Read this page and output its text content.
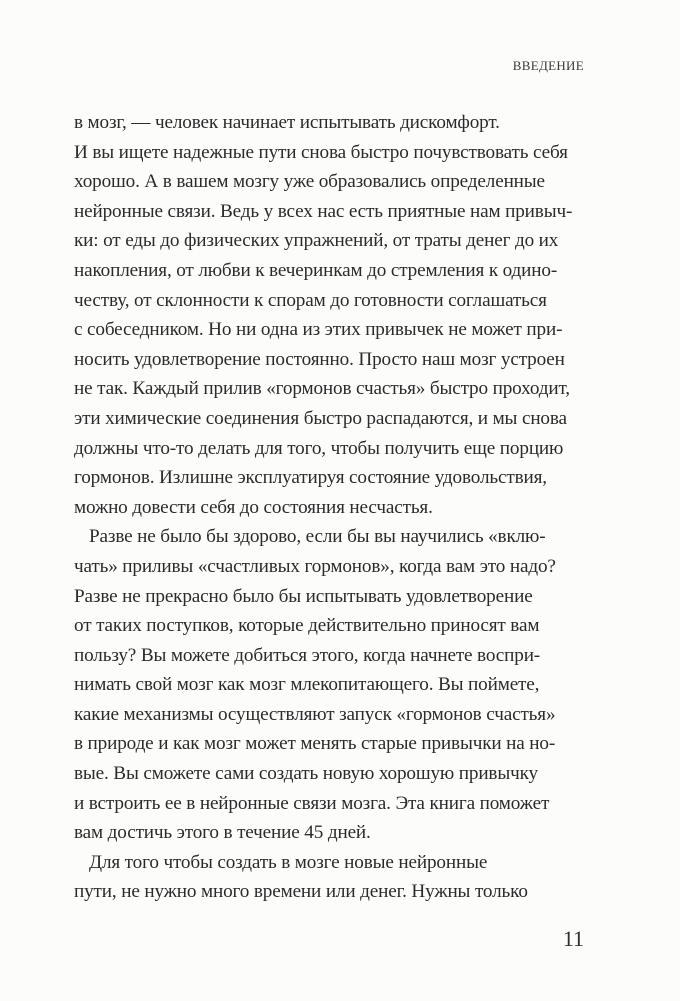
ВВЕДЕНИЕ
в мозг, — человек начинает испытывать дискомфорт.
И вы ищете надежные пути снова быстро почувствовать себя
хорошо. А в вашем мозгу уже образовались определенные
нейронные связи. Ведь у всех нас есть приятные нам привыч-
ки: от еды до физических упражнений, от траты денег до их
накопления, от любви к вечеринкам до стремления к одино-
честву, от склонности к спорам до готовности соглашаться
с собеседником. Но ни одна из этих привычек не может при-
носить удовлетворение постоянно. Просто наш мозг устроен
не так. Каждый прилив «гормонов счастья» быстро проходит,
эти химические соединения быстро распадаются, и мы снова
должны что-то делать для того, чтобы получить еще порцию
гормонов. Излишне эксплуатируя состояние удовольствия,
можно довести себя до состояния несчастья.
Разве не было бы здорово, если бы вы научились «вклю-
чать» приливы «счастливых гормонов», когда вам это надо?
Разве не прекрасно было бы испытывать удовлетворение
от таких поступков, которые действительно приносят вам
пользу? Вы можете добиться этого, когда начнете воспри-
нимать свой мозг как мозг млекопитающего. Вы поймете,
какие механизмы осуществляют запуск «гормонов счастья»
в природе и как мозг может менять старые привычки на но-
вые. Вы сможете сами создать новую хорошую привычку
и встроить ее в нейронные связи мозга. Эта книга поможет
вам достичь этого в течение 45 дней.
Для того чтобы создать в мозге новые нейронные
пути, не нужно много времени или денег. Нужны только
11
